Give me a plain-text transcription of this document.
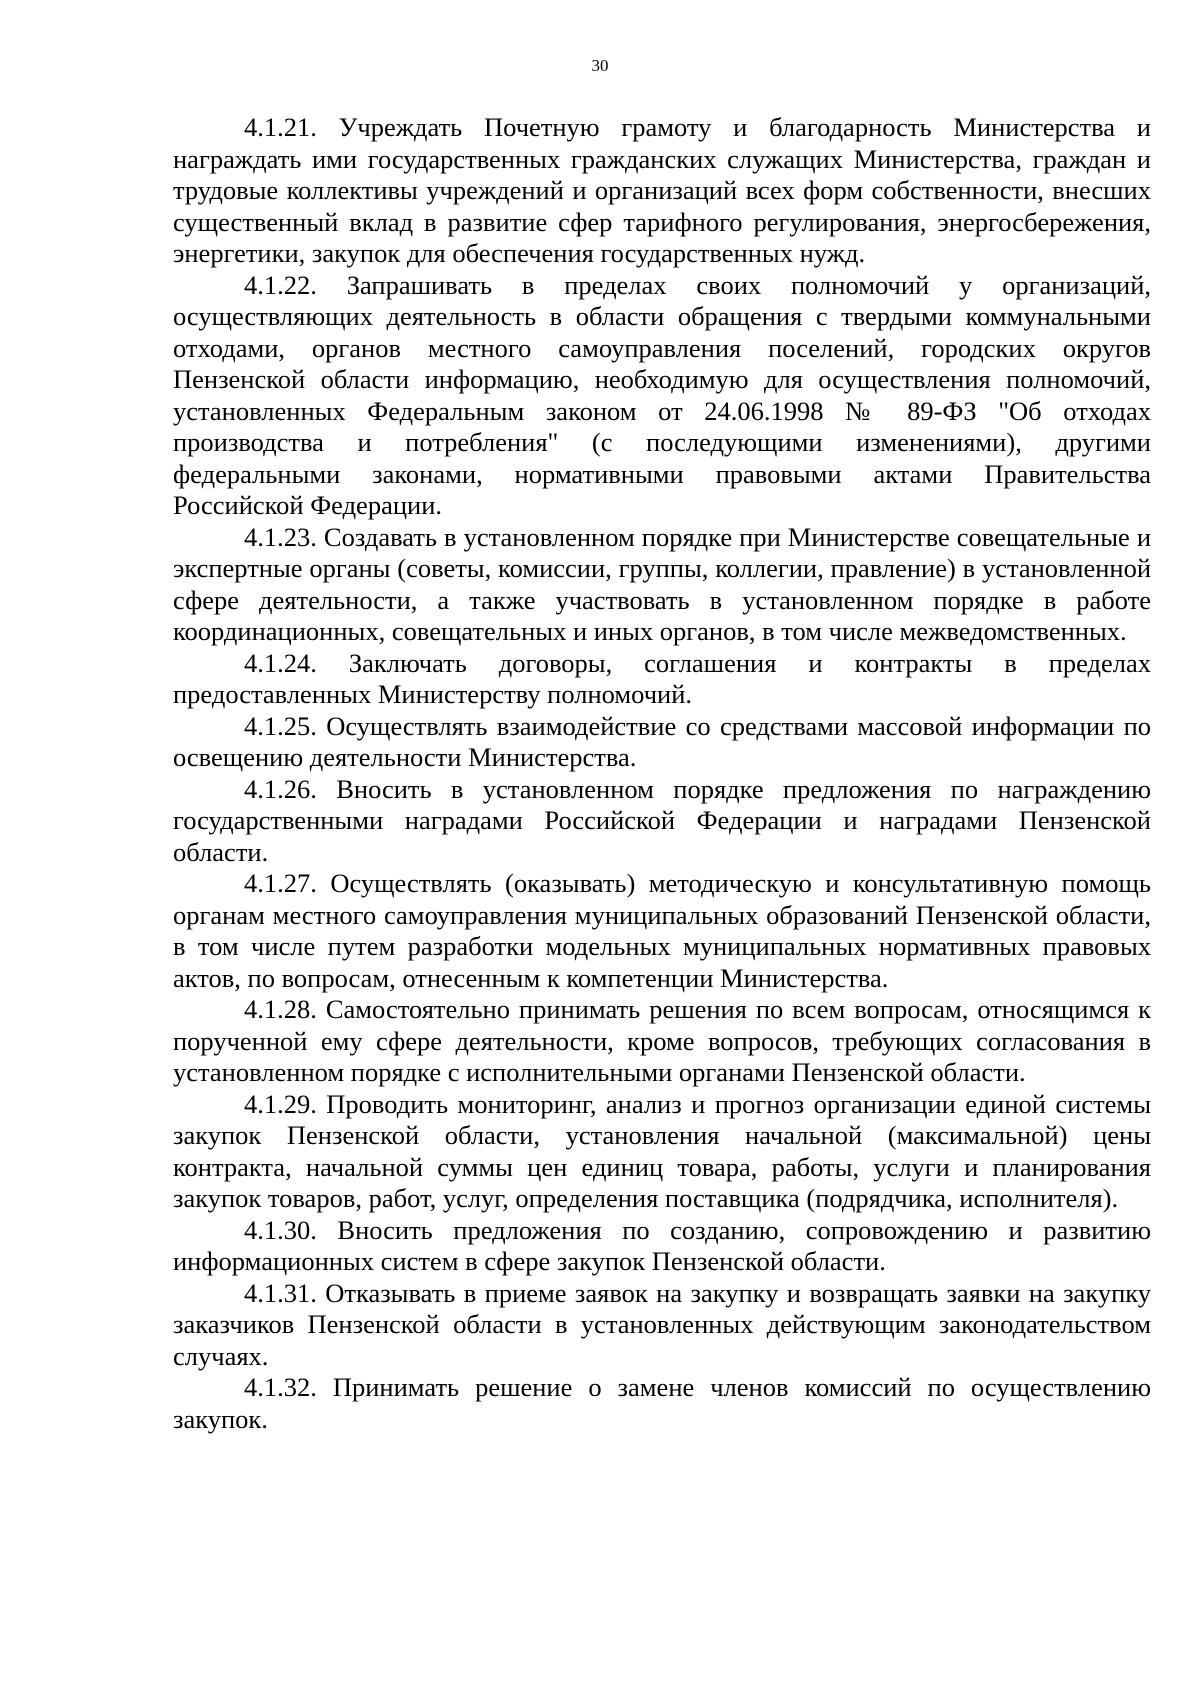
30

4.1.21. Учреждать Почетную грамоту и благодарность Министерства и награждать ими государственных гражданских служащих Министерства, граждан и трудовые коллективы учреждений и организаций всех форм собственности, внесших существенный вклад в развитие сфер тарифного регулирования, энергосбережения, энергетики, закупок для обеспечения государственных нужд.

4.1.22. Запрашивать в пределах своих полномочий у организаций, осуществляющих деятельность в области обращения с твердыми коммунальными отходами, органов местного самоуправления поселений, городских округов Пензенской области информацию, необходимую для осуществления полномочий, установленных Федеральным законом от 24.06.1998 № 89-ФЗ "Об отходах производства и потребления" (с последующими изменениями), другими федеральными законами, нормативными правовыми актами Правительства Российской Федерации.

4.1.23. Создавать в установленном порядке при Министерстве совещательные и экспертные органы (советы, комиссии, группы, коллегии, правление) в установленной сфере деятельности, а также участвовать в установленном порядке в работе координационных, совещательных и иных органов, в том числе межведомственных.

4.1.24. Заключать договоры, соглашения и контракты в пределах предоставленных Министерству полномочий.

4.1.25. Осуществлять взаимодействие со средствами массовой информации по освещению деятельности Министерства.

4.1.26. Вносить в установленном порядке предложения по награждению государственными наградами Российской Федерации и наградами Пензенской области.

4.1.27. Осуществлять (оказывать) методическую и консультативную помощь органам местного самоуправления муниципальных образований Пензенской области, в том числе путем разработки модельных муниципальных нормативных правовых актов, по вопросам, отнесенным к компетенции Министерства.

4.1.28. Самостоятельно принимать решения по всем вопросам, относящимся к порученной ему сфере деятельности, кроме вопросов, требующих согласования в установленном порядке с исполнительными органами Пензенской области.

4.1.29. Проводить мониторинг, анализ и прогноз организации единой системы закупок Пензенской области, установления начальной (максимальной) цены контракта, начальной суммы цен единиц товара, работы, услуги и планирования закупок товаров, работ, услуг, определения поставщика (подрядчика, исполнителя).

4.1.30. Вносить предложения по созданию, сопровождению и развитию информационных систем в сфере закупок Пензенской области.

4.1.31. Отказывать в приеме заявок на закупку и возвращать заявки на закупку заказчиков Пензенской области в установленных действующим законодательством случаях.

4.1.32. Принимать решение о замене членов комиссий по осуществлению закупок.
